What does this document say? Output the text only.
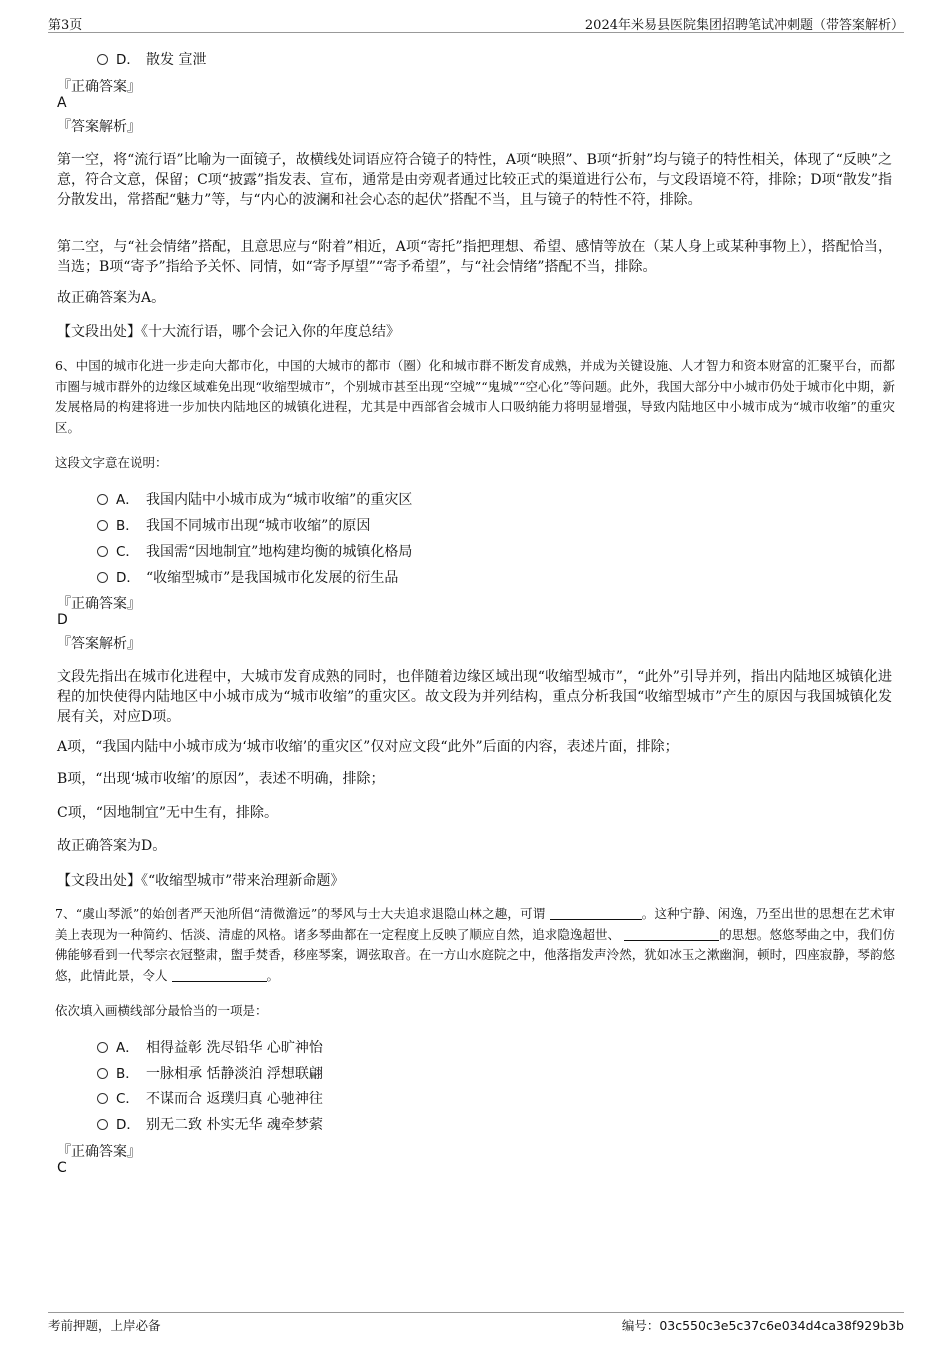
第3页	2024年米易县医院集团招聘笔试冲刺题（带答案解析）
D． 散发 宣泄
『正确答案』
A
『答案解析』
第一空，将“流行语”比喻为一面镜子，故横线处词语应符合镜子的特性，A项“映照”、B项“折射”均与镜子的特性相关，体现了“反映”之意，符合文意，保留；C项“披露”指发表、宣布，通常是由旁观者通过比较正式的渠道进行公布，与文段语境不符，排除；D项“散发”指分散发出，常搭配“魅力”等，与“内心的波澜和社会心态的起伏”搭配不当，且与镜子的特性不符，排除。
第二空，与“社会情绪”搭配，且意思应与“附着”相近，A项“寄托”指把理想、希望、感情等放在（某人身上或某种事物上），搭配恰当，当选；B项“寄予”指给予关怀、同情，如“寄予厚望”“寄予希望”，与“社会情绪”搭配不当，排除。
故正确答案为A。
【文段出处】《十大流行语，哪个会记入你的年度总结》
6、中国的城市化进一步走向大都市化，中国的大城市的都市（圈）化和城市群不断发育成熟，并成为关键设施、人才智力和资本财富的汇聚平台，而都市圈与城市群外的边缘区域难免出现“收缩型城市”，个别城市甚至出现“空城”“鬼城”“空心化”等问题。此外，我国大部分中小城市仍处于城市化中期，新发展格局的构建将进一步加快内陆地区的城镇化进程，尤其是中西部省会城市人口吸纳能力将明显增强，导致内陆地区中小城市成为“城市收缩”的重灾区。
这段文字意在说明：
A． 我国内陆中小城市成为“城市收缩”的重灾区
B． 我国不同城市出现“城市收缩”的原因
C． 我国需“因地制宜”地构建均衡的城镇化格局
D． “收缩型城市”是我国城市化发展的衍生品
『正确答案』
D
『答案解析』
文段先指出在城市化进程中，大城市发育成熟的同时，也伴随着边缘区域出现“收缩型城市”，“此外”引导并列，指出内陆地区城镇化进程的加快使得内陆地区中小城市成为“城市收缩”的重灾区。故文段为并列结构，重点分析我国“收缩型城市”产生的原因与我国城镇化发展有关，对应D项。
A项，“我国内陆中小城市成为‘城市收缩’的重灾区”仅对应文段“此外”后面的内容，表述片面，排除；
B项，“出现‘城市收缩’的原因”，表述不明确，排除；
C项，“因地制宜”无中生有，排除。
故正确答案为D。
【文段出处】《“收缩型城市”带来治理新命题》
7、“虞山琴派”的始创者严天池所倡“清微澹远”的琴风与士大夫追求退隐山林之趣，可谓	。这种宁静、闲逸，乃至出世的思想在艺术审美上表现为一种简约、恬淡、清虚的风格。诸多琴曲都在一定程度上反映了顺应自然，追求隐逸超世、	的思想。悠悠琴曲之中，我们仿佛能够看到一代琴宗衣冠整肃，盥手焚香，移座琴案，调弦取音。在一方山水庭院之中，他落指发声泠然，犹如冰玉之漱幽涧，顿时，四座寂静，琴韵悠悠，此情此景，令人	。
依次填入画横线部分最恰当的一项是：
A． 相得益彰 洗尽铅华 心旷神怡
B． 一脉相承 恬静淡泊 浮想联翩
C． 不谋而合 返璞归真 心驰神往
D． 别无二致 朴实无华 魂牵梦萦
『正确答案』
C
考前押题，上岸必备	编号：03c550c3e5c37c6e034d4ca38f929b3b
